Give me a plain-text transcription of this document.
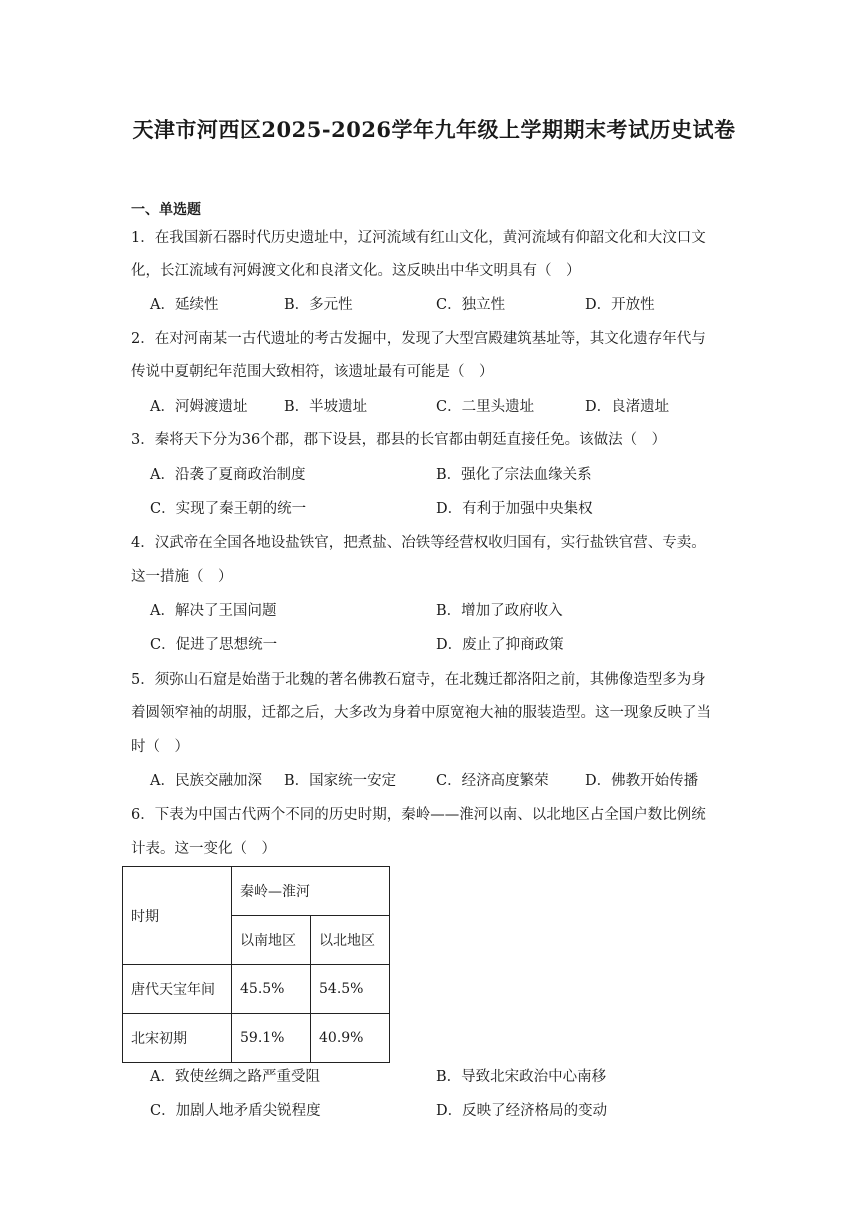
天津市河西区2025-2026学年九年级上学期期末考试历史试卷
一、单选题
1．在我国新石器时代历史遗址中，辽河流域有红山文化，黄河流域有仰韶文化和大汶口文
化，长江流域有河姆渡文化和良渚文化。这反映出中华文明具有（　）
A．延续性	B．多元性	C．独立性	D．开放性
2．在对河南某一古代遗址的考古发掘中，发现了大型宫殿建筑基址等，其文化遗存年代与
传说中夏朝纪年范围大致相符，该遗址最有可能是（　）
A．河姆渡遗址	B．半坡遗址	C．二里头遗址	D．良渚遗址
3．秦将天下分为36个郡，郡下设县，郡县的长官都由朝廷直接任免。该做法（　）
A．沿袭了夏商政治制度	B．强化了宗法血缘关系
C．实现了秦王朝的统一	D．有利于加强中央集权
4．汉武帝在全国各地设盐铁官，把煮盐、冶铁等经营权收归国有，实行盐铁官营、专卖。
这一措施（　）
A．解决了王国问题	B．增加了政府收入
C．促进了思想统一	D．废止了抑商政策
5．须弥山石窟是始凿于北魏的著名佛教石窟寺，在北魏迁都洛阳之前，其佛像造型多为身
着圆领窄袖的胡服，迁都之后，大多改为身着中原宽袍大袖的服装造型。这一现象反映了当
时（　）
A．民族交融加深 B．国家统一安定	C．经济高度繁荣	D．佛教开始传播
6．下表为中国古代两个不同的历史时期，秦岭——淮河以南、以北地区占全国户数比例统
计表。这一变化（　）
时期	秦岭—淮河	
	以南地区	以北地区
唐代天宝年间	45.5%	54.5%
北宋初期	59.1%	40.9%
A．致使丝绸之路严重受阻	B．导致北宋政治中心南移
C．加剧人地矛盾尖锐程度	D．反映了经济格局的变动
